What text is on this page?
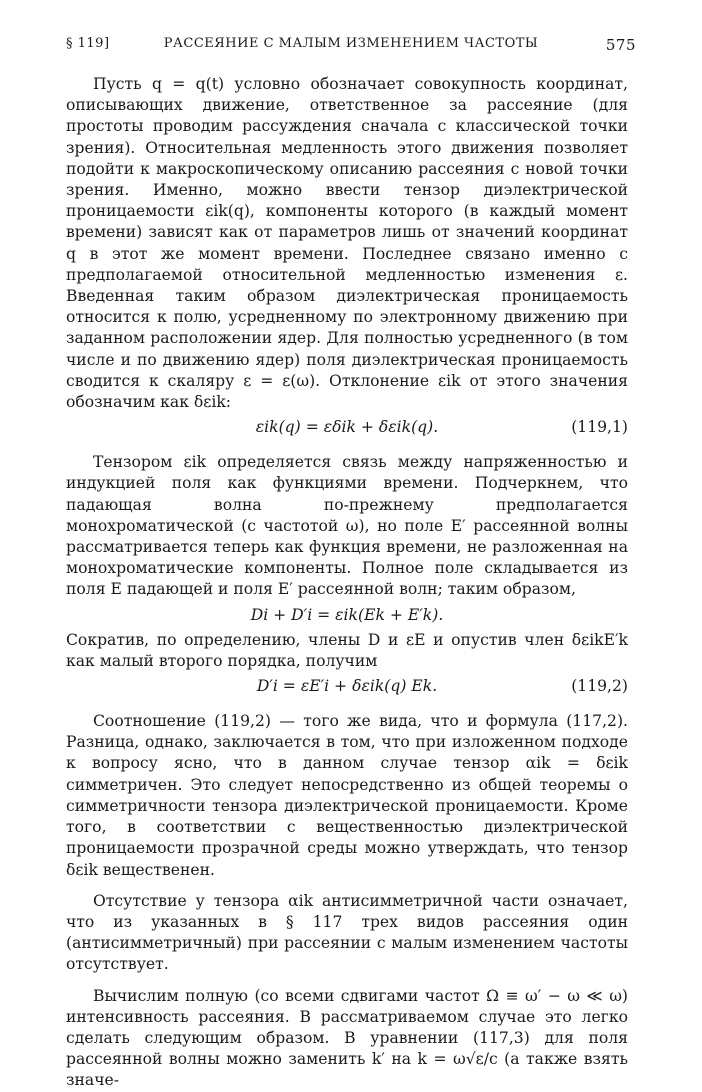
§ 119]	РАССЕЯНИЕ С МАЛЫМ ИЗМЕНЕНИЕМ ЧАСТОТЫ	575

Пусть q = q(t) условно обозначает совокупность координат, описывающих движение, ответственное за рассеяние (для простоты проводим рассуждения сначала с классической точки зрения). Относительная медленность этого движения позволяет подойти к макроскопическому описанию рассеяния с новой точки зрения. Именно, можно ввести тензор диэлектрической проницаемости εik(q), компоненты которого (в каждый момент времени) зависят как от параметров лишь от значений координат q в этот же момент времени. Последнее связано именно с предполагаемой относительной медленностью изменения ε. Введенная таким образом диэлектрическая проницаемость относится к полю, усредненному по электронному движению при заданном расположении ядер. Для полностью усредненного (в том числе и по движению ядер) поля диэлектрическая проницаемость сводится к скаляру ε = ε(ω). Отклонение εik от этого значения обозначим как δεik:

εik(q) = εδik + δεik(q).	(119,1)

Тензором εik определяется связь между напряженностью и индукцией поля как функциями времени. Подчеркнем, что падающая волна по-прежнему предполагается монохроматической (с частотой ω), но поле E′ рассеянной волны рассматривается теперь как функция времени, не разложенная на монохроматические компоненты. Полное поле складывается из поля E падающей и поля E′ рассеянной волн; таким образом,

Di + D′i = εik(Ek + E′k).

Сократив, по определению, члены D и εE и опустив член δεikE′k как малый второго порядка, получим

D′i = εE′i + δεik(q) Ek.	(119,2)

Соотношение (119,2) — того же вида, что и формула (117,2). Разница, однако, заключается в том, что при изложенном подходе к вопросу ясно, что в данном случае тензор αik = δεik симметричен. Это следует непосредственно из общей теоремы о симметричности тензора диэлектрической проницаемости. Кроме того, в соответствии с вещественностью диэлектрической проницаемости прозрачной среды можно утверждать, что тензор δεik вещественен.

Отсутствие у тензора αik антисимметричной части означает, что из указанных в § 117 трех видов рассеяния один (антисимметричный) при рассеянии с малым изменением частоты отсутствует.

Вычислим полную (со всеми сдвигами частот Ω ≡ ω′ − ω ≪ ω) интенсивность рассеяния. В рассматриваемом случае это легко сделать следующим образом. В уравнении (117,3) для поля рассеянной волны можно заменить k′ на k = ω√ε/c (а также взять значе-
